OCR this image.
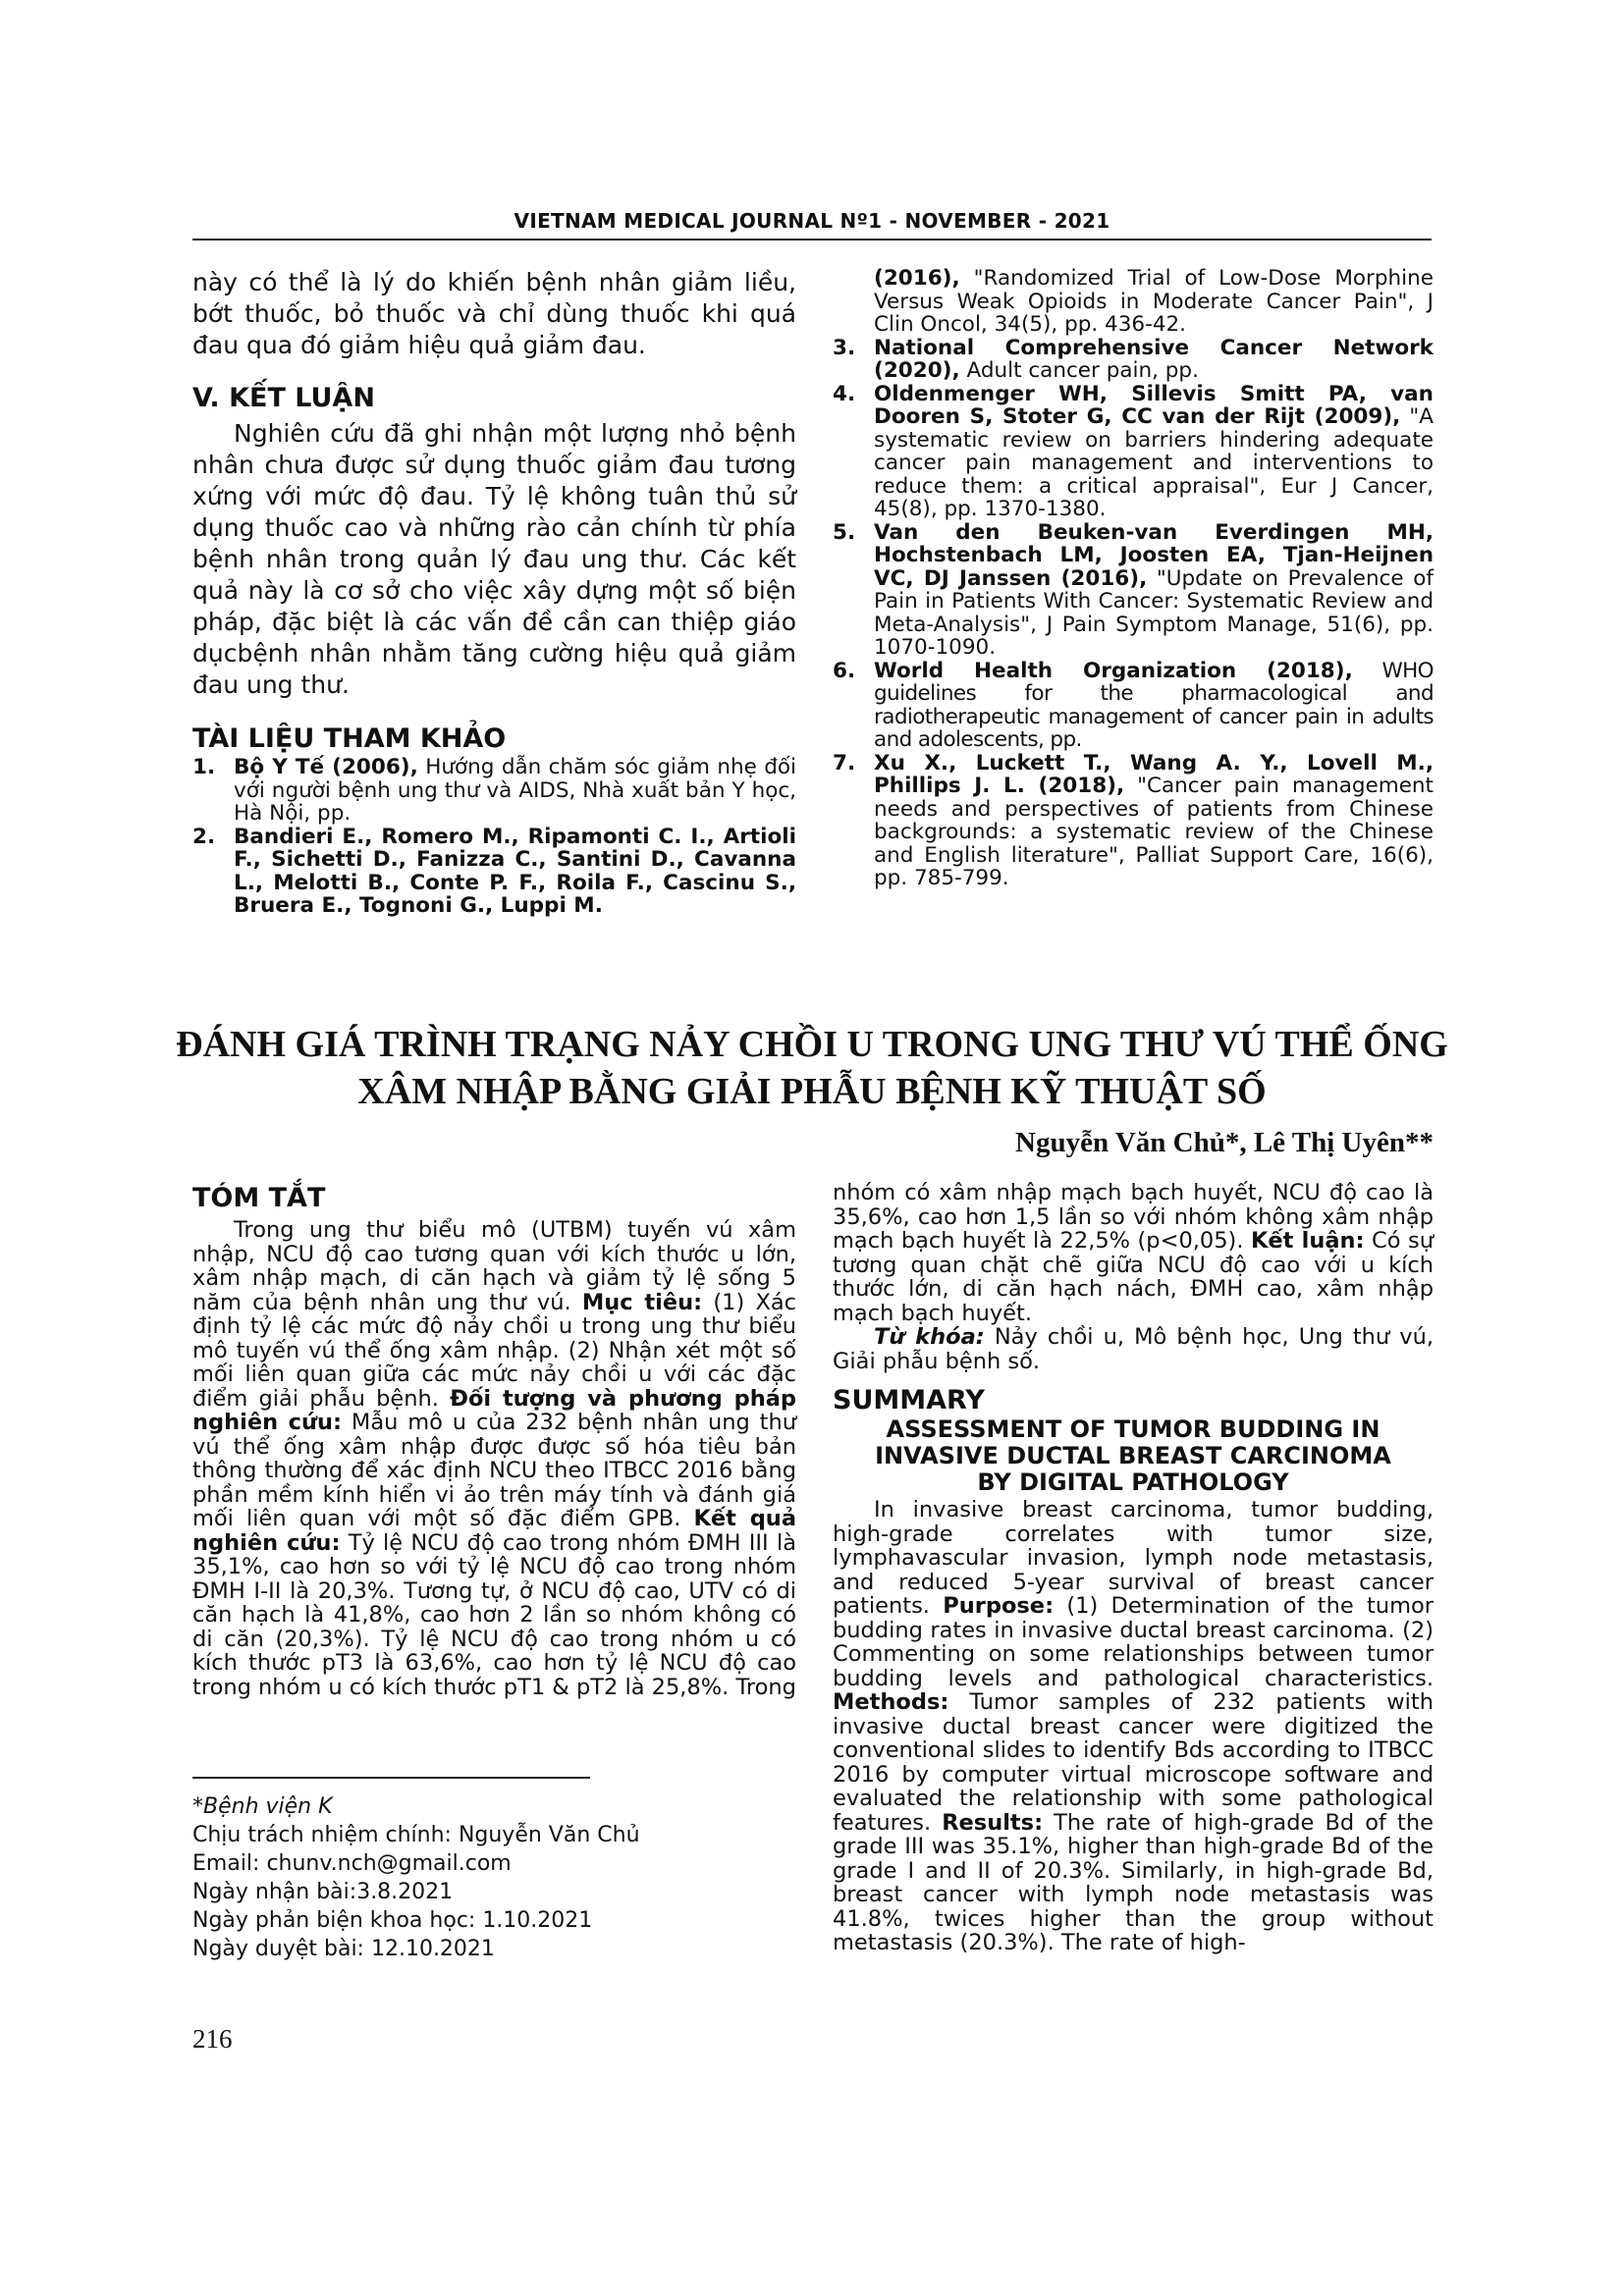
VIETNAM MEDICAL JOURNAL Nº1 - NOVEMBER - 2021

này có thể là lý do khiến bệnh nhân giảm liều, bớt thuốc, bỏ thuốc và chỉ dùng thuốc khi quá đau qua đó giảm hiệu quả giảm đau.

V. KẾT LUẬN

Nghiên cứu đã ghi nhận một lượng nhỏ bệnh nhân chưa được sử dụng thuốc giảm đau tương xứng với mức độ đau. Tỷ lệ không tuân thủ sử dụng thuốc cao và những rào cản chính từ phía bệnh nhân trong quản lý đau ung thư. Các kết quả này là cơ sở cho việc xây dựng một số biện pháp, đặc biệt là các vấn đề cần can thiệp giáo dụcbệnh nhân nhằm tăng cường hiệu quả giảm đau ung thư.

TÀI LIỆU THAM KHẢO
1. Bộ Y Tế (2006), Hướng dẫn chăm sóc giảm nhẹ đối với người bệnh ung thư và AIDS, Nhà xuất bản Y học, Hà Nội, pp.
2. Bandieri E., Romero M., Ripamonti C. I., Artioli F., Sichetti D., Fanizza C., Santini D., Cavanna L., Melotti B., Conte P. F., Roila F., Cascinu S., Bruera E., Tognoni G., Luppi M.
(2016), "Randomized Trial of Low-Dose Morphine Versus Weak Opioids in Moderate Cancer Pain", J Clin Oncol, 34(5), pp. 436-42.
3. National Comprehensive Cancer Network (2020), Adult cancer pain, pp.
4. Oldenmenger WH, Sillevis Smitt PA, van Dooren S, Stoter G, CC van der Rijt (2009), "A systematic review on barriers hindering adequate cancer pain management and interventions to reduce them: a critical appraisal", Eur J Cancer, 45(8), pp. 1370-1380.
5. Van den Beuken-van Everdingen MH, Hochstenbach LM, Joosten EA, Tjan-Heijnen VC, DJ Janssen (2016), "Update on Prevalence of Pain in Patients With Cancer: Systematic Review and Meta-Analysis", J Pain Symptom Manage, 51(6), pp. 1070-1090.
6. World Health Organization (2018), WHO guidelines for the pharmacological and radiotherapeutic management of cancer pain in adults and adolescents, pp.
7. Xu X., Luckett T., Wang A. Y., Lovell M., Phillips J. L. (2018), "Cancer pain management needs and perspectives of patients from Chinese backgrounds: a systematic review of the Chinese and English literature", Palliat Support Care, 16(6), pp. 785-799.
ĐÁNH GIÁ TRÌNH TRẠNG NẢY CHỒI U TRONG UNG THƯ VÚ THỂ ỐNG
XÂM NHẬP BẰNG GIẢI PHẪU BỆNH KỸ THUẬT SỐ
Nguyễn Văn Chủ*, Lê Thị Uyên**
TÓM TẮT

Trong ung thư biểu mô (UTBM) tuyến vú xâm nhập, NCU độ cao tương quan với kích thước u lớn, xâm nhập mạch, di căn hạch và giảm tỷ lệ sống 5 năm của bệnh nhân ung thư vú. Mục tiêu: (1) Xác định tỷ lệ các mức độ nảy chồi u trong ung thư biểu mô tuyến vú thể ống xâm nhập. (2) Nhận xét một số mối liên quan giữa các mức nảy chồi u với các đặc điểm giải phẫu bệnh. Đối tượng và phương pháp nghiên cứu: Mẫu mô u của 232 bệnh nhân ung thư vú thể ống xâm nhập được được số hóa tiêu bản thông thường để xác định NCU theo ITBCC 2016 bằng phần mềm kính hiển vi ảo trên máy tính và đánh giá mối liên quan với một số đặc điểm GPB. Kết quả nghiên cứu: Tỷ lệ NCU độ cao trong nhóm ĐMH III là 35,1%, cao hơn so với tỷ lệ NCU độ cao trong nhóm ĐMH I-II là 20,3%. Tương tự, ở NCU độ cao, UTV có di căn hạch là 41,8%, cao hơn 2 lần so nhóm không có di căn (20,3%). Tỷ lệ NCU độ cao trong nhóm u có kích thước pT3 là 63,6%, cao hơn tỷ lệ NCU độ cao trong nhóm u có kích thước pT1 & pT2 là 25,8%. Trong

*Bệnh viện K
Chịu trách nhiệm chính: Nguyễn Văn Chủ
Email: chunv.nch@gmail.com
Ngày nhận bài:3.8.2021
Ngày phản biện khoa học: 1.10.2021
Ngày duyệt bài: 12.10.2021

nhóm có xâm nhập mạch bạch huyết, NCU độ cao là 35,6%, cao hơn 1,5 lần so với nhóm không xâm nhập mạch bạch huyết là 22,5% (p<0,05). Kết luận: Có sự tương quan chặt chẽ giữa NCU độ cao với u kích thước lớn, di căn hạch nách, ĐMH cao, xâm nhập mạch bạch huyết.

Từ khóa: Nảy chồi u, Mô bệnh học, Ung thư vú, Giải phẫu bệnh số.

SUMMARY
ASSESSMENT OF TUMOR BUDDING IN
INVASIVE DUCTAL BREAST CARCINOMA
BY DIGITAL PATHOLOGY

In invasive breast carcinoma, tumor budding, high-grade correlates with tumor size, lymphavascular invasion, lymph node metastasis, and reduced 5-year survival of breast cancer patients. Purpose: (1) Determination of the tumor budding rates in invasive ductal breast carcinoma. (2) Commenting on some relationships between tumor budding levels and pathological characteristics. Methods: Tumor samples of 232 patients with invasive ductal breast cancer were digitized the conventional slides to identify Bds according to ITBCC 2016 by computer virtual microscope software and evaluated the relationship with some pathological features. Results: The rate of high-grade Bd of the grade III was 35.1%, higher than high-grade Bd of the grade I and II of 20.3%. Similarly, in high-grade Bd, breast cancer with lymph node metastasis was 41.8%, twices higher than the group without metastasis (20.3%). The rate of high-

216
